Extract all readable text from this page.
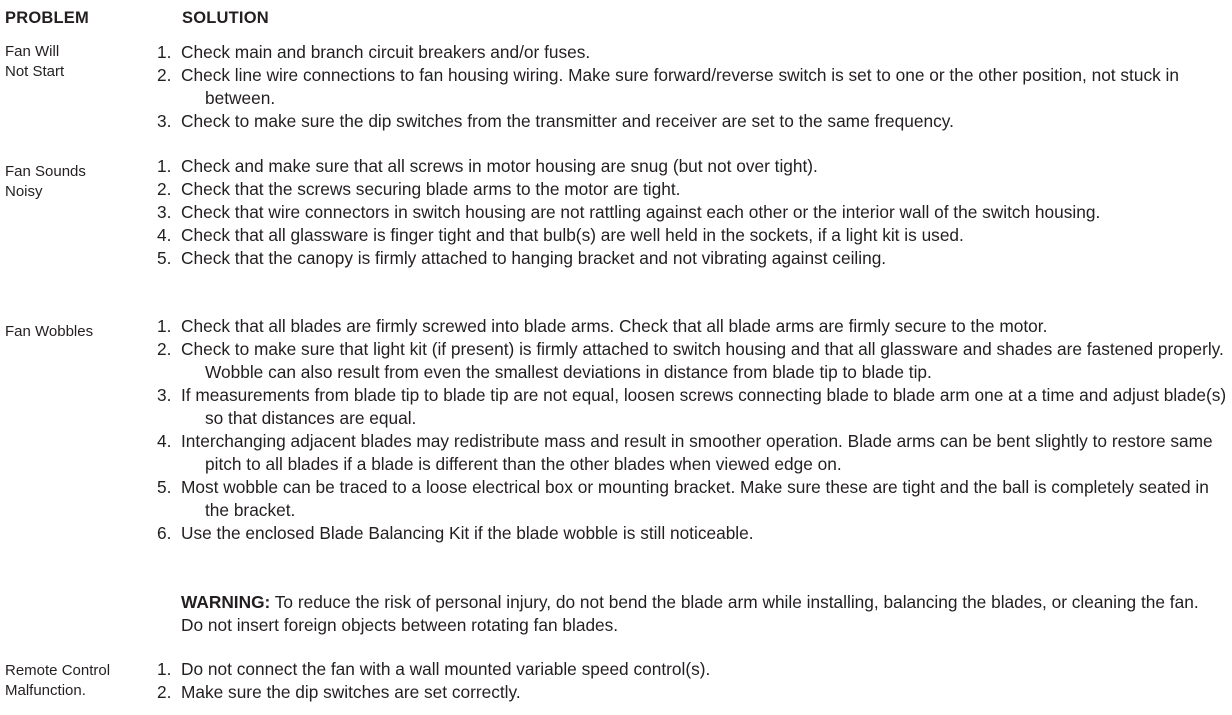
PROBLEM	SOLUTION
Fan Will
Not Start
1.  Check main and branch circuit breakers and/or fuses.
2. Check line wire connections to fan housing wiring. Make sure forward/reverse switch is set to one or the other position, not stuck in between.
3.  Check to make sure the dip switches from the transmitter and receiver are set to the same frequency.
Fan Sounds
Noisy
1.  Check and make sure that all screws in motor housing are snug (but not over tight).
2. Check that the screws securing blade arms to the motor are tight.
3. Check that wire connectors in switch housing are not rattling against each other or the interior wall of the switch housing.
4. Check that all glassware is finger tight and that bulb(s) are well held in the sockets, if a light kit is used.
5. Check that the canopy is firmly attached to hanging bracket and not vibrating against ceiling.
Fan Wobbles	1.  Check that all blades are firmly screwed into blade arms. Check that all blade arms are firmly secure to the motor.
2. Check to make sure that light kit (if present) is firmly attached to switch housing and that all glassware and shades are fastened properly. Wobble can also result from even the smallest deviations in distance from blade tip to blade tip.
3. If measurements from blade tip to blade tip are not equal, loosen screws connecting blade to blade arm one at a time and adjust blade(s) so that distances are equal.
4. Interchanging adjacent blades may redistribute mass and result in smoother operation. Blade arms can be bent slightly to restore same pitch to all blades if a blade is different than the other blades when viewed edge on.
5. Most wobble can be traced to a loose electrical box or mounting bracket. Make sure these are tight and the ball is completely seated in the bracket.
6. Use the enclosed Blade Balancing Kit if the blade wobble is still noticeable.
WARNING: To reduce the risk of personal injury, do not bend the blade arm while installing, balancing the blades, or cleaning the fan. Do not insert foreign objects between rotating fan blades.
Remote Control
Malfunction.
1. Do not connect the fan with a wall mounted variable speed control(s).
2. Make sure the dip switches are set correctly.
